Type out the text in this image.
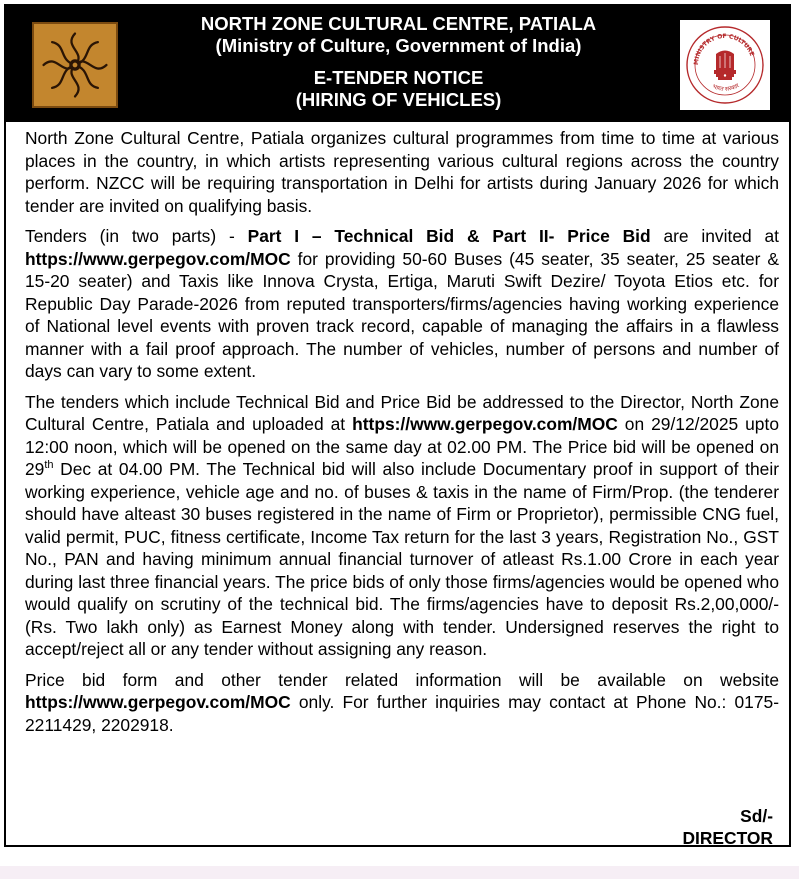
NORTH ZONE CULTURAL CENTRE, PATIALA
(Ministry of Culture, Government of India)
E-TENDER NOTICE
(HIRING OF VEHICLES)
MINISTRY OF CULTURE
भारत सरकार

North Zone Cultural Centre, Patiala organizes cultural programmes from time to time at various places in the country, in which artists representing various cultural regions across the country perform. NZCC will be requiring transportation in Delhi for artists during January 2026 for which tender are invited on qualifying basis.

Tenders (in two parts) - Part I – Technical Bid & Part II- Price Bid are invited at https://www.gerpegov.com/MOC for providing 50-60 Buses (45 seater, 35 seater, 25 seater & 15-20 seater) and Taxis like Innova Crysta, Ertiga, Maruti Swift Dezire/ Toyota Etios etc. for Republic Day Parade-2026 from reputed transporters/firms/agencies having working experience of National level events with proven track record, capable of managing the affairs in a flawless manner with a fail proof approach. The number of vehicles, number of persons and number of days can vary to some extent.

The tenders which include Technical Bid and Price Bid be addressed to the Director, North Zone Cultural Centre, Patiala and uploaded at https://www.gerpegov.com/MOC on 29/12/2025 upto 12:00 noon, which will be opened on the same day at 02.00 PM. The Price bid will be opened on 29th Dec at 04.00 PM. The Technical bid will also include Documentary proof in support of their working experience, vehicle age and no. of buses & taxis in the name of Firm/Prop. (the tenderer should have alteast 30 buses registered in the name of Firm or Proprietor), permissible CNG fuel, valid permit, PUC, fitness certificate, Income Tax return for the last 3 years, Registration No., GST No., PAN and having minimum annual financial turnover of atleast Rs.1.00 Crore in each year during last three financial years. The price bids of only those firms/agencies would be opened who would qualify on scrutiny of the technical bid. The firms/agencies have to deposit Rs.2,00,000/- (Rs. Two lakh only) as Earnest Money along with tender. Undersigned reserves the right to accept/reject all or any tender without assigning any reason.

Price bid form and other tender related information will be available on website https://www.gerpegov.com/MOC only. For further inquiries may contact at Phone No.: 0175-2211429, 2202918.

Sd/-
DIRECTOR
